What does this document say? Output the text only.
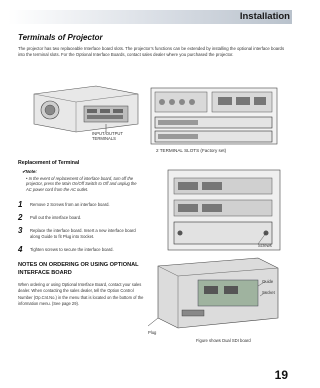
Installation
Terminals of Projector
The projector has two replaceable Interface board slots. The projector’s functions can be extended by installing the optional interface boards into the terminal slots. For the Optional Interface Boards, contact sales dealer where you purchased the projector.
INPUT/OUTPUT
TERMINALS
2 TERMINAL SLOTS (Factory set)
Replacement of Terminal
✔Note:
• In the event of replacement of interface board, turn off the projector, press the Main On/Off Switch to Off and unplug the AC power cord from the AC outlet.
1 Remove 2 Screws from an interface board.
2 Pull out the interface board.
3 Replace the interface board. Insert a new interface board along Guide to fit Plug into Socket.
4 Tighten screws to secure the interface board.
NOTES ON ORDERING OR USING OPTIONAL INTERFACE BOARD
When ordering or using Optional Interface Board, contact your sales dealer. When contacting the sales dealer, tell the Option Control Number (Op.Cnt.No.) in the menu that is located on the bottom of the information menu. (See page 29).
Screws
Guide
Socket
Plug
Figure shows Dual SDI board
19
